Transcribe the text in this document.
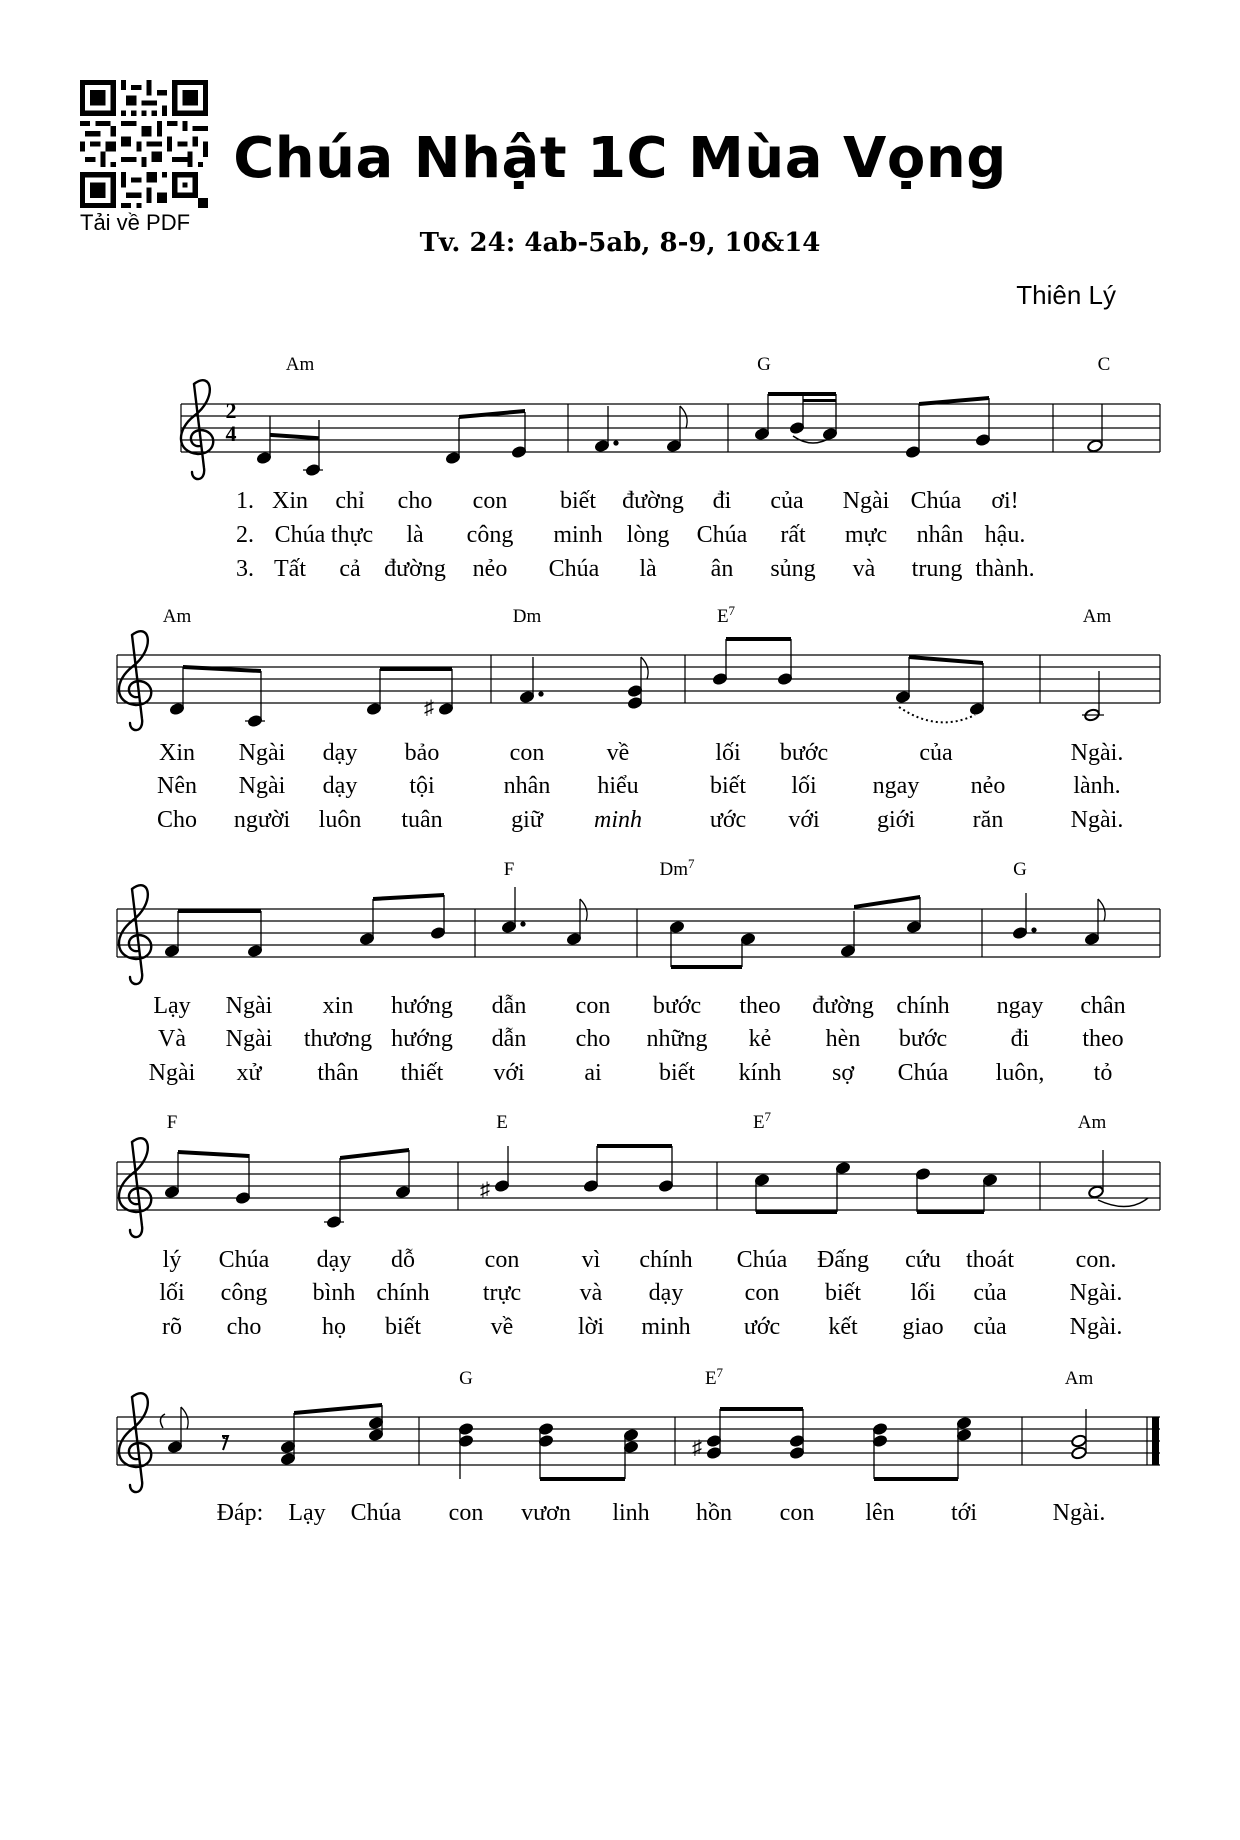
Tải về PDF
Chúa Nhật 1C Mùa Vọng
Tv. 24: 4ab-5ab, 8-9, 10&14
Thiên Lý
2
4
♯
♯
𝄾	♯
Am	G	C
Am	Dm	$E^7$	Am
F	Dm$^7$	G
F	E	$E^7$	Am
G	$E^7$	Am
1. Xin chỉ cho con biết đường đi của Ngài Chúa ơi!
2. Chúa thực là công minh lòng Chúa rất mực nhân hậu.
3. Tất cả đường nẻo Chúa là ân sủng và trung thành.
Xin Ngài dạy bảo	con	về	lối bước	của	Ngài.
Nên Ngài dạy tội	nhân hiểu	biết lối ngay nẻo	lành.
Cho người luôn tuân	giữ minh	ước với giới răn	Ngài.
Lạy Ngài xin hướng dẫn con bước theo đường chính ngay chân
Và Ngài thương hướng dẫn cho những kẻ hèn bước	đi theo
Ngài xử thân thiết với ai biết kính sợ Chúa luôn, tỏ
lý Chúa dạy dỗ	con	vì chính Chúa Đấng cứu thoát	con.
lối công bình chính trực và dạy	con biết lối của	Ngài.
rõ cho	họ biết	về	lời minh ước kết giao của	Ngài.
Đáp: Lạy Chúa con vươn linh hồn con lên tới	Ngài.
